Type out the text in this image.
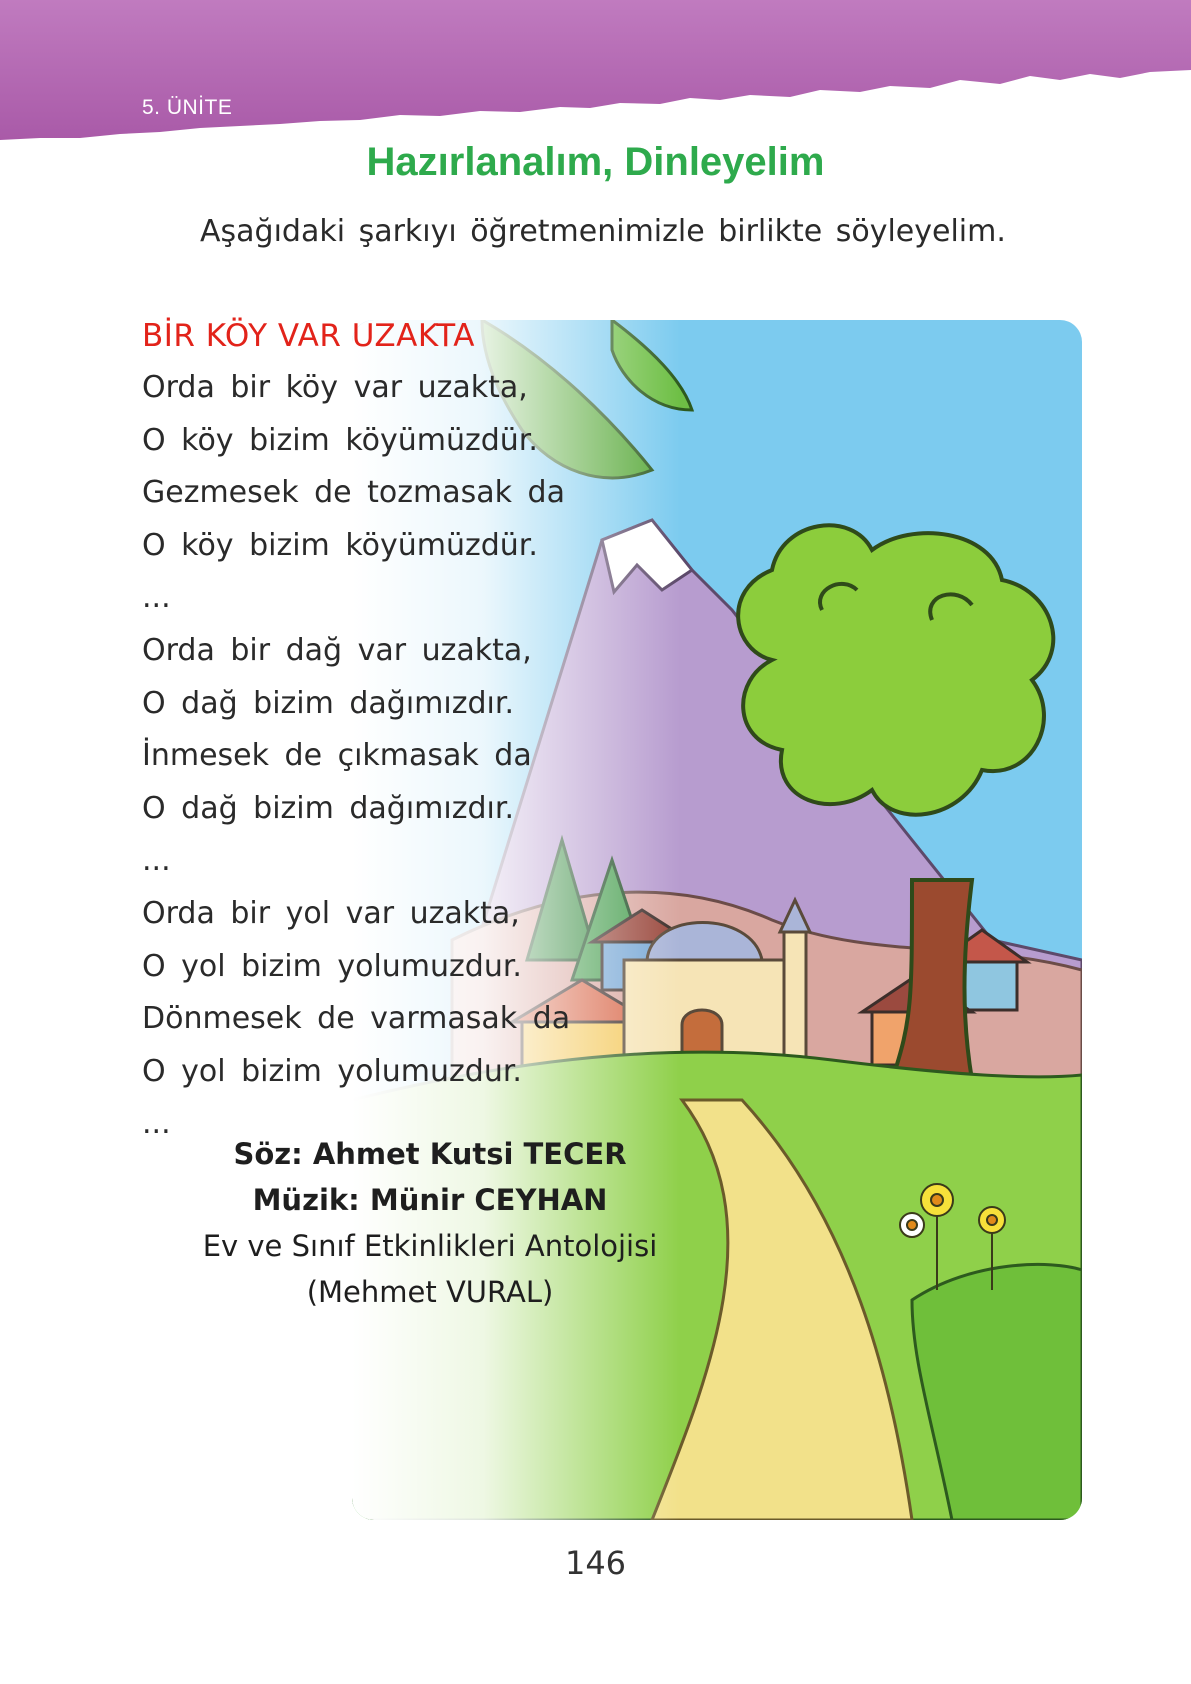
5. ÜNİTE
Hazırlanalım, Dinleyelim
Aşağıdaki şarkıyı öğretmenimizle birlikte söyleyelim.
BİR KÖY VAR UZAKTA
Orda bir köy var uzakta,
O köy bizim köyümüzdür.
Gezmesek de tozmasak da
O köy bizim köyümüzdür.
...
Orda bir dağ var uzakta,
O dağ bizim dağımızdır.
İnmesek de çıkmasak da
O dağ bizim dağımızdır.
...
Orda bir yol var uzakta,
O yol bizim yolumuzdur.
Dönmesek de varmasak da
O yol bizim yolumuzdur.
...
Söz: Ahmet Kutsi TECER
Müzik: Münir CEYHAN
Ev ve Sınıf Etkinlikleri Antolojisi
(Mehmet VURAL)
146
